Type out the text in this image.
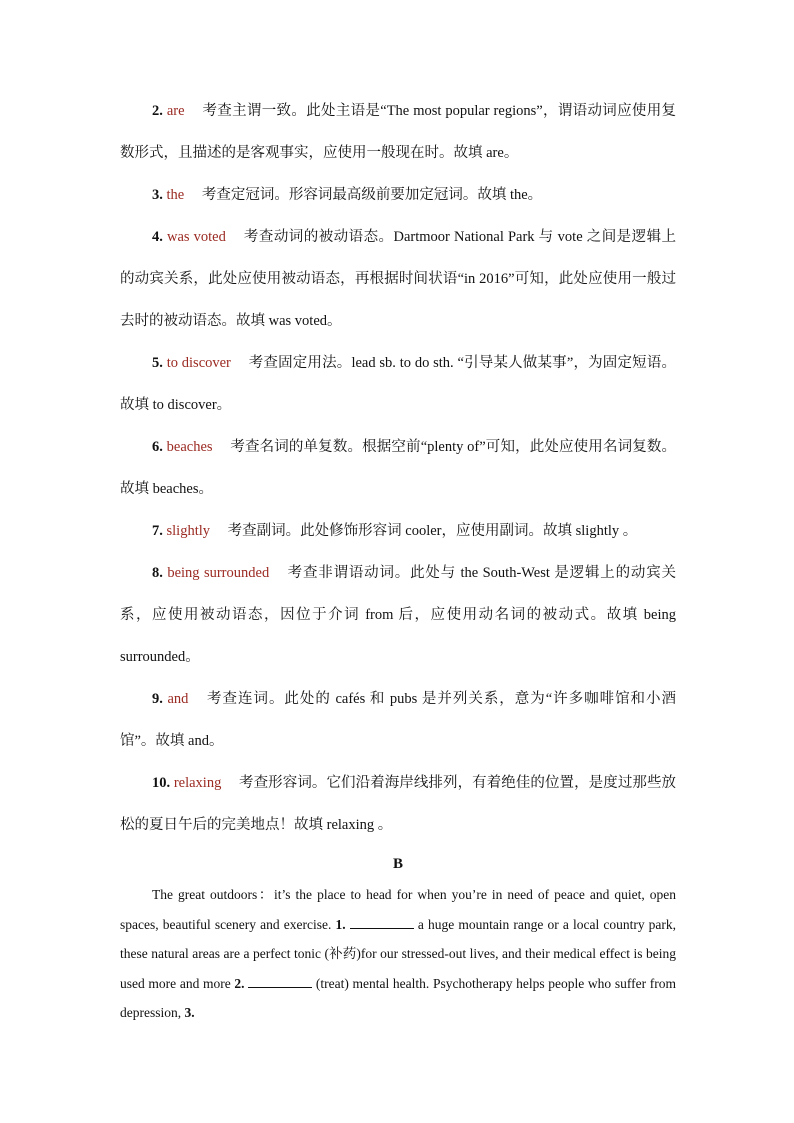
2. are 考查主谓一致。此处主语是“The most popular regions”，谓语动词应使用复数形式，且描述的是客观事实，应使用一般现在时。故填 are。

3. the 考查定冠词。形容词最高级前要加定冠词。故填 the。

4. was voted 考查动词的被动语态。Dartmoor National Park 与 vote 之间是逻辑上的动宾关系，此处应使用被动语态，再根据时间状语“in 2016”可知，此处应使用一般过去时的被动语态。故填 was voted。

5. to discover 考查固定用法。lead sb. to do sth. “引导某人做某事”，为固定短语。故填 to discover。

6. beaches 考查名词的单复数。根据空前“plenty of”可知，此处应使用名词复数。故填 beaches。

7. slightly 考查副词。此处修饰形容词 cooler，应使用副词。故填 slightly 。

8. being surrounded 考查非谓语动词。此处与 the South-West 是逻辑上的动宾关系，应使用被动语态，因位于介词 from 后，应使用动名词的被动式。故填 being surrounded。

9. and 考查连词。此处的 cafés 和 pubs 是并列关系，意为“许多咖啡馆和小酒馆”。故填 and。

10. relaxing 考查形容词。它们沿着海岸线排列，有着绝佳的位置，是度过那些放松的夏日午后的完美地点！故填 relaxing 。

B

The great outdoors：it’s the place to head for when you’re in need of peace and quiet, open spaces, beautiful scenery and exercise. 1.	a huge mountain range or a local country park, these natural areas are a perfect tonic (补药)for our stressed-out lives, and their medical effect is being used more and more 2.	(treat) mental health. Psychotherapy helps people who suffer from depression, 3.
